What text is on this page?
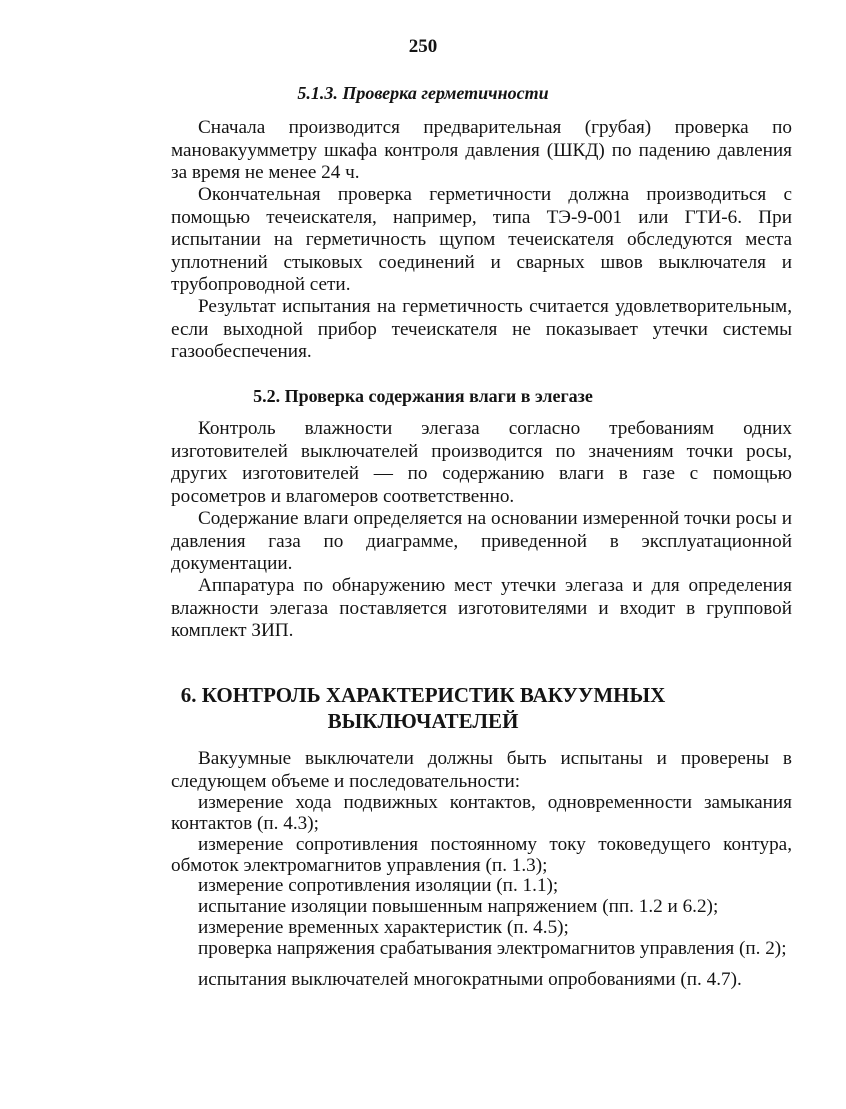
250
5.1.3. Проверка герметичности

Сначала производится предварительная (грубая) проверка по мановакуумметру шкафа контроля давления (ШКД) по падению давления за время не менее 24 ч.

Окончательная проверка герметичности должна производиться с помощью течеискателя, например, типа ТЭ-9-001 или ГТИ-6. При испытании на герметичность щупом течеискателя обследуются места уплотнений стыковых соединений и сварных швов выключателя и трубопроводной сети.

Результат испытания на герметичность считается удовлетворительным, если выходной прибор течеискателя не показывает утечки системы газообеспечения.

5.2. Проверка содержания влаги в элегазе

Контроль влажности элегаза согласно требованиям одних изготовителей выключателей производится по значениям точки росы, других изготовителей — по содержанию влаги в газе с помощью росометров и влагомеров соответственно.

Содержание влаги определяется на основании измеренной точки росы и давления газа по диаграмме, приведенной в эксплуатационной документации.

Аппаратура по обнаружению мест утечки элегаза и для определения влажности элегаза поставляется изготовителями и входит в групповой комплект ЗИП.

6. КОНТРОЛЬ ХАРАКТЕРИСТИК ВАКУУМНЫХ
ВЫКЛЮЧАТЕЛЕЙ

Вакуумные выключатели должны быть испытаны и проверены в следующем объеме и последовательности:

измерение хода подвижных контактов, одновременности замыкания контактов (п. 4.3);

измерение сопротивления постоянному току токоведущего контура, обмоток электромагнитов управления (п. 1.3);

измерение сопротивления изоляции (п. 1.1);

испытание изоляции повышенным напряжением (пп. 1.2 и 6.2);

измерение временных характеристик (п. 4.5);

проверка напряжения срабатывания электромагнитов управления (п. 2);

испытания выключателей многократными опробованиями (п. 4.7).
